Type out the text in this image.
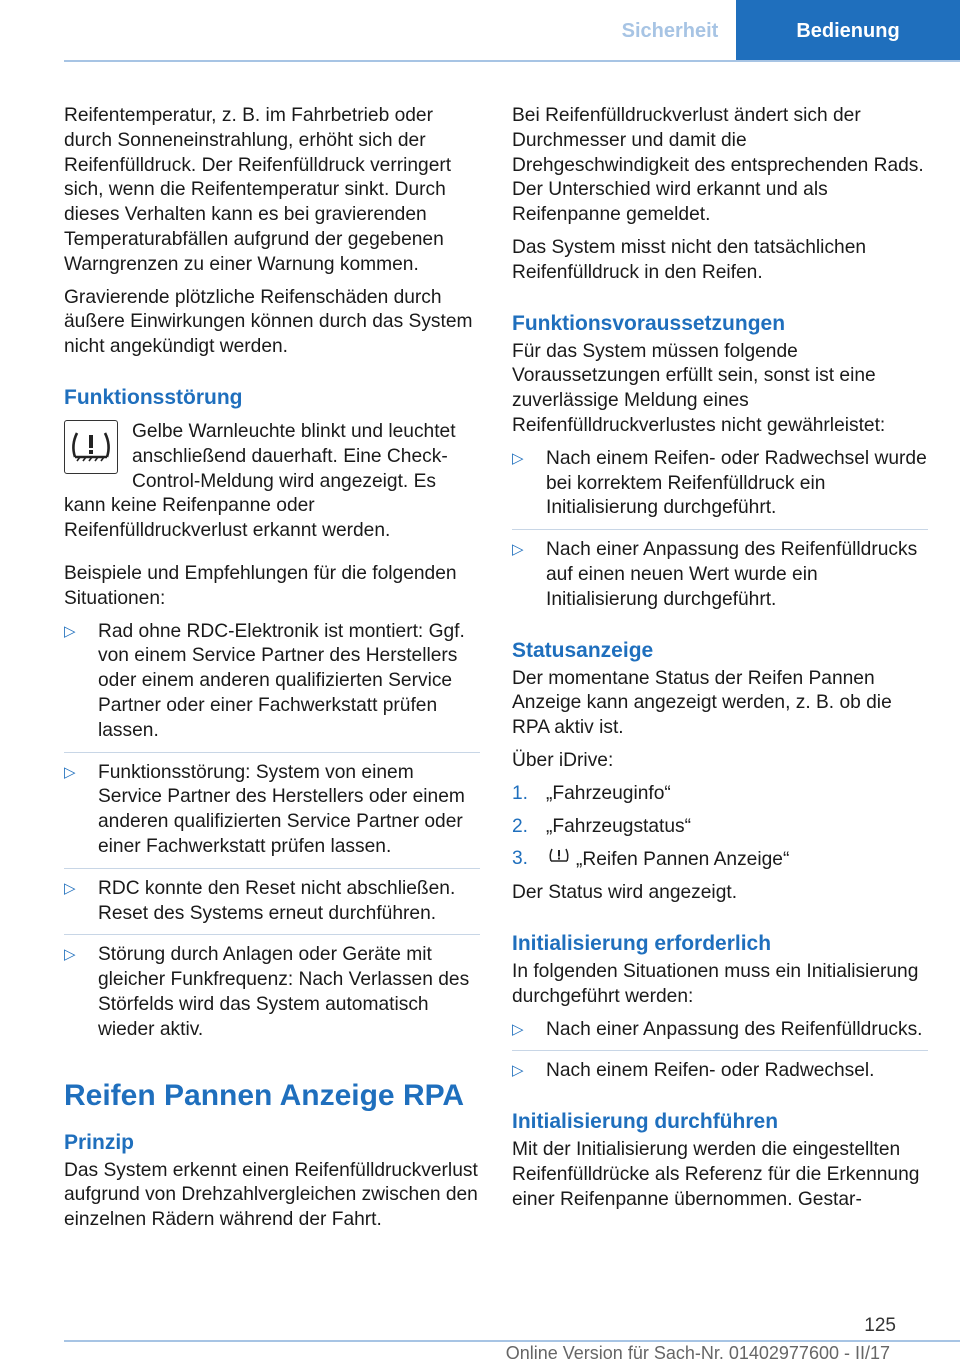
Sicherheit	Bedienung

Reifentemperatur, z. B. im Fahrbetrieb oder durch Sonneneinstrahlung, erhöht sich der Reifenfülldruck. Der Reifenfülldruck verringert sich, wenn die Reifentemperatur sinkt. Durch dieses Verhalten kann es bei gravierenden Temperaturabfällen aufgrund der gegebenen Warngrenzen zu einer Warnung kommen.

Gravierende plötzliche Reifenschäden durch äußere Einwirkungen können durch das System nicht angekündigt werden.

Funktionsstörung

Gelbe Warnleuchte blinkt und leuchtet anschließend dauerhaft. Eine Check-Control-Meldung wird angezeigt. Es kann keine Reifenpanne oder Reifenfülldruckverlust erkannt werden.

Beispiele und Empfehlungen für die folgenden Situationen:

▷ Rad ohne RDC-Elektronik ist montiert: Ggf. von einem Service Partner des Herstellers oder einem anderen qualifizierten Service Partner oder einer Fachwerkstatt prüfen lassen.
▷ Funktionsstörung: System von einem Service Partner des Herstellers oder einem anderen qualifizierten Service Partner oder einer Fachwerkstatt prüfen lassen.
▷ RDC konnte den Reset nicht abschließen. Reset des Systems erneut durchführen.
▷ Störung durch Anlagen oder Geräte mit gleicher Funkfrequenz: Nach Verlassen des Störfelds wird das System automatisch wieder aktiv.
Reifen Pannen Anzeige RPA
Prinzip

Das System erkennt einen Reifenfülldruckverlust aufgrund von Drehzahlvergleichen zwischen den einzelnen Rädern während der Fahrt.

Bei Reifenfülldruckverlust ändert sich der Durchmesser und damit die Drehgeschwindigkeit des entsprechenden Rads. Der Unterschied wird erkannt und als Reifenpanne gemeldet.

Das System misst nicht den tatsächlichen Reifenfülldruck in den Reifen.

Funktionsvoraussetzungen

Für das System müssen folgende Voraussetzungen erfüllt sein, sonst ist eine zuverlässige Meldung eines Reifenfülldruckverlustes nicht gewährleistet:

▷ Nach einem Reifen- oder Radwechsel wurde bei korrektem Reifenfülldruck ein Initialisierung durchgeführt.
▷ Nach einer Anpassung des Reifenfülldrucks auf einen neuen Wert wurde ein Initialisierung durchgeführt.
Statusanzeige

Der momentane Status der Reifen Pannen Anzeige kann angezeigt werden, z. B. ob die RPA aktiv ist.

Über iDrive:

1. „Fahrzeuginfo“
2. „Fahrzeugstatus“
3. „Reifen Pannen Anzeige“

Der Status wird angezeigt.

Initialisierung erforderlich

In folgenden Situationen muss ein Initialisierung durchgeführt werden:

▷ Nach einer Anpassung des Reifenfülldrucks.
▷ Nach einem Reifen- oder Radwechsel.
Initialisierung durchführen

Mit der Initialisierung werden die eingestellten Reifenfülldrücke als Referenz für die Erkennung einer Reifenpanne übernommen. Gestar-

125
Online Version für Sach-Nr. 01402977600 - II/17
